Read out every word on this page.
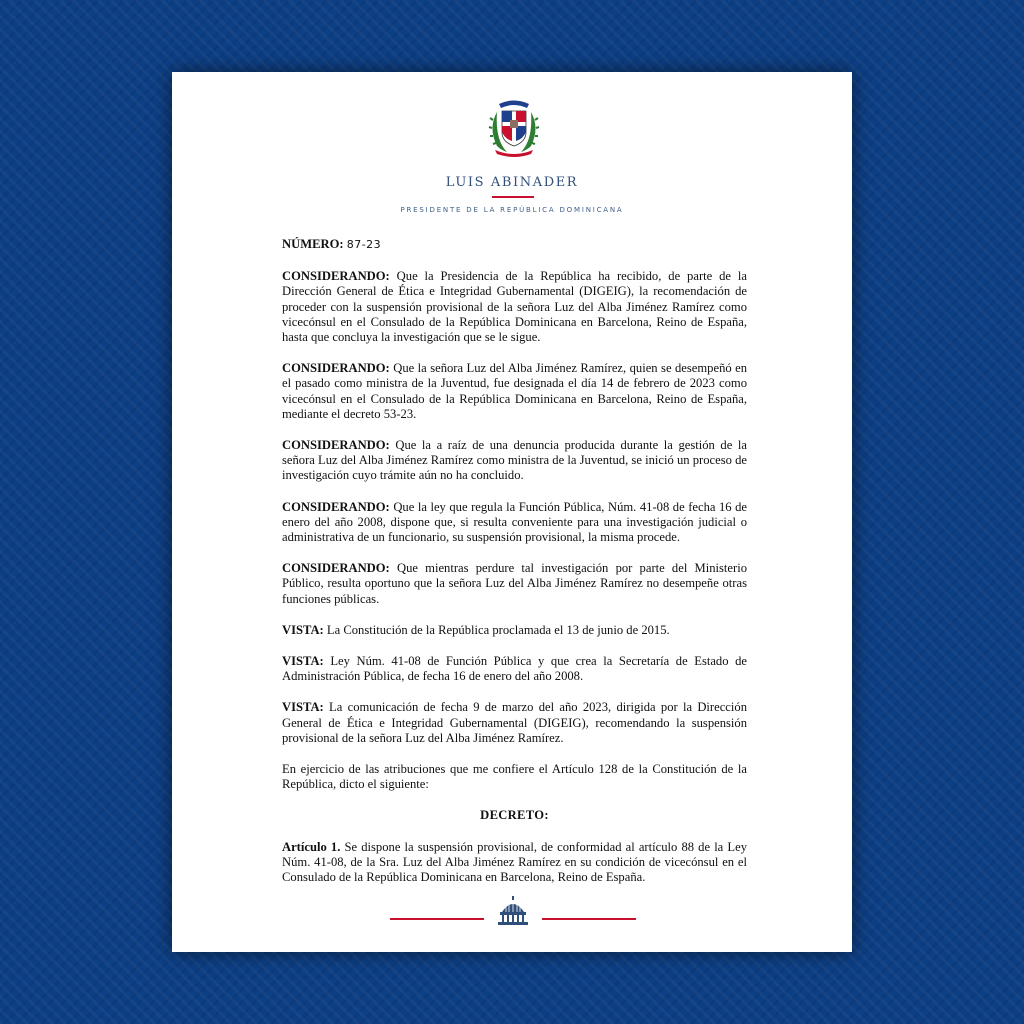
LUIS ABINADER
PRESIDENTE DE LA REPÚBLICA DOMINICANA
NÚMERO: 87-23
CONSIDERANDO: Que la Presidencia de la República ha recibido, de parte de la Dirección General de Ética e Integridad Gubernamental (DIGEIG), la recomendación de proceder con la suspensión provisional de la señora Luz del Alba Jiménez Ramírez como vicecónsul en el Consulado de la República Dominicana en Barcelona, Reino de España, hasta que concluya la investigación que se le sigue.
CONSIDERANDO: Que la señora Luz del Alba Jiménez Ramírez, quien se desempeñó en el pasado como ministra de la Juventud, fue designada el día 14 de febrero de 2023 como vicecónsul en el Consulado de la República Dominicana en Barcelona, Reino de España, mediante el decreto 53-23.
CONSIDERANDO: Que la a raíz de una denuncia producida durante la gestión de la señora Luz del Alba Jiménez Ramírez como ministra de la Juventud, se inició un proceso de investigación cuyo trámite aún no ha concluido.
CONSIDERANDO: Que la ley que regula la Función Pública, Núm. 41-08 de fecha 16 de enero del año 2008, dispone que, si resulta conveniente para una investigación judicial o administrativa de un funcionario, su suspensión provisional, la misma procede.
CONSIDERANDO: Que mientras perdure tal investigación por parte del Ministerio Público, resulta oportuno que la señora Luz del Alba Jiménez Ramírez no desempeñe otras funciones públicas.
VISTA: La Constitución de la República proclamada el 13 de junio de 2015.
VISTA: Ley Núm. 41-08 de Función Pública y que crea la Secretaría de Estado de Administración Pública, de fecha 16 de enero del año 2008.
VISTA: La comunicación de fecha 9 de marzo del año 2023, dirigida por la Dirección General de Ética e Integridad Gubernamental (DIGEIG), recomendando la suspensión provisional de la señora Luz del Alba Jiménez Ramírez.
En ejercicio de las atribuciones que me confiere el Artículo 128 de la Constitución de la República, dicto el siguiente:
DECRETO:
Artículo 1. Se dispone la suspensión provisional, de conformidad al artículo 88 de la Ley Núm. 41-08, de la Sra. Luz del Alba Jiménez Ramírez en su condición de vicecónsul en el Consulado de la República Dominicana en Barcelona, Reino de España.
